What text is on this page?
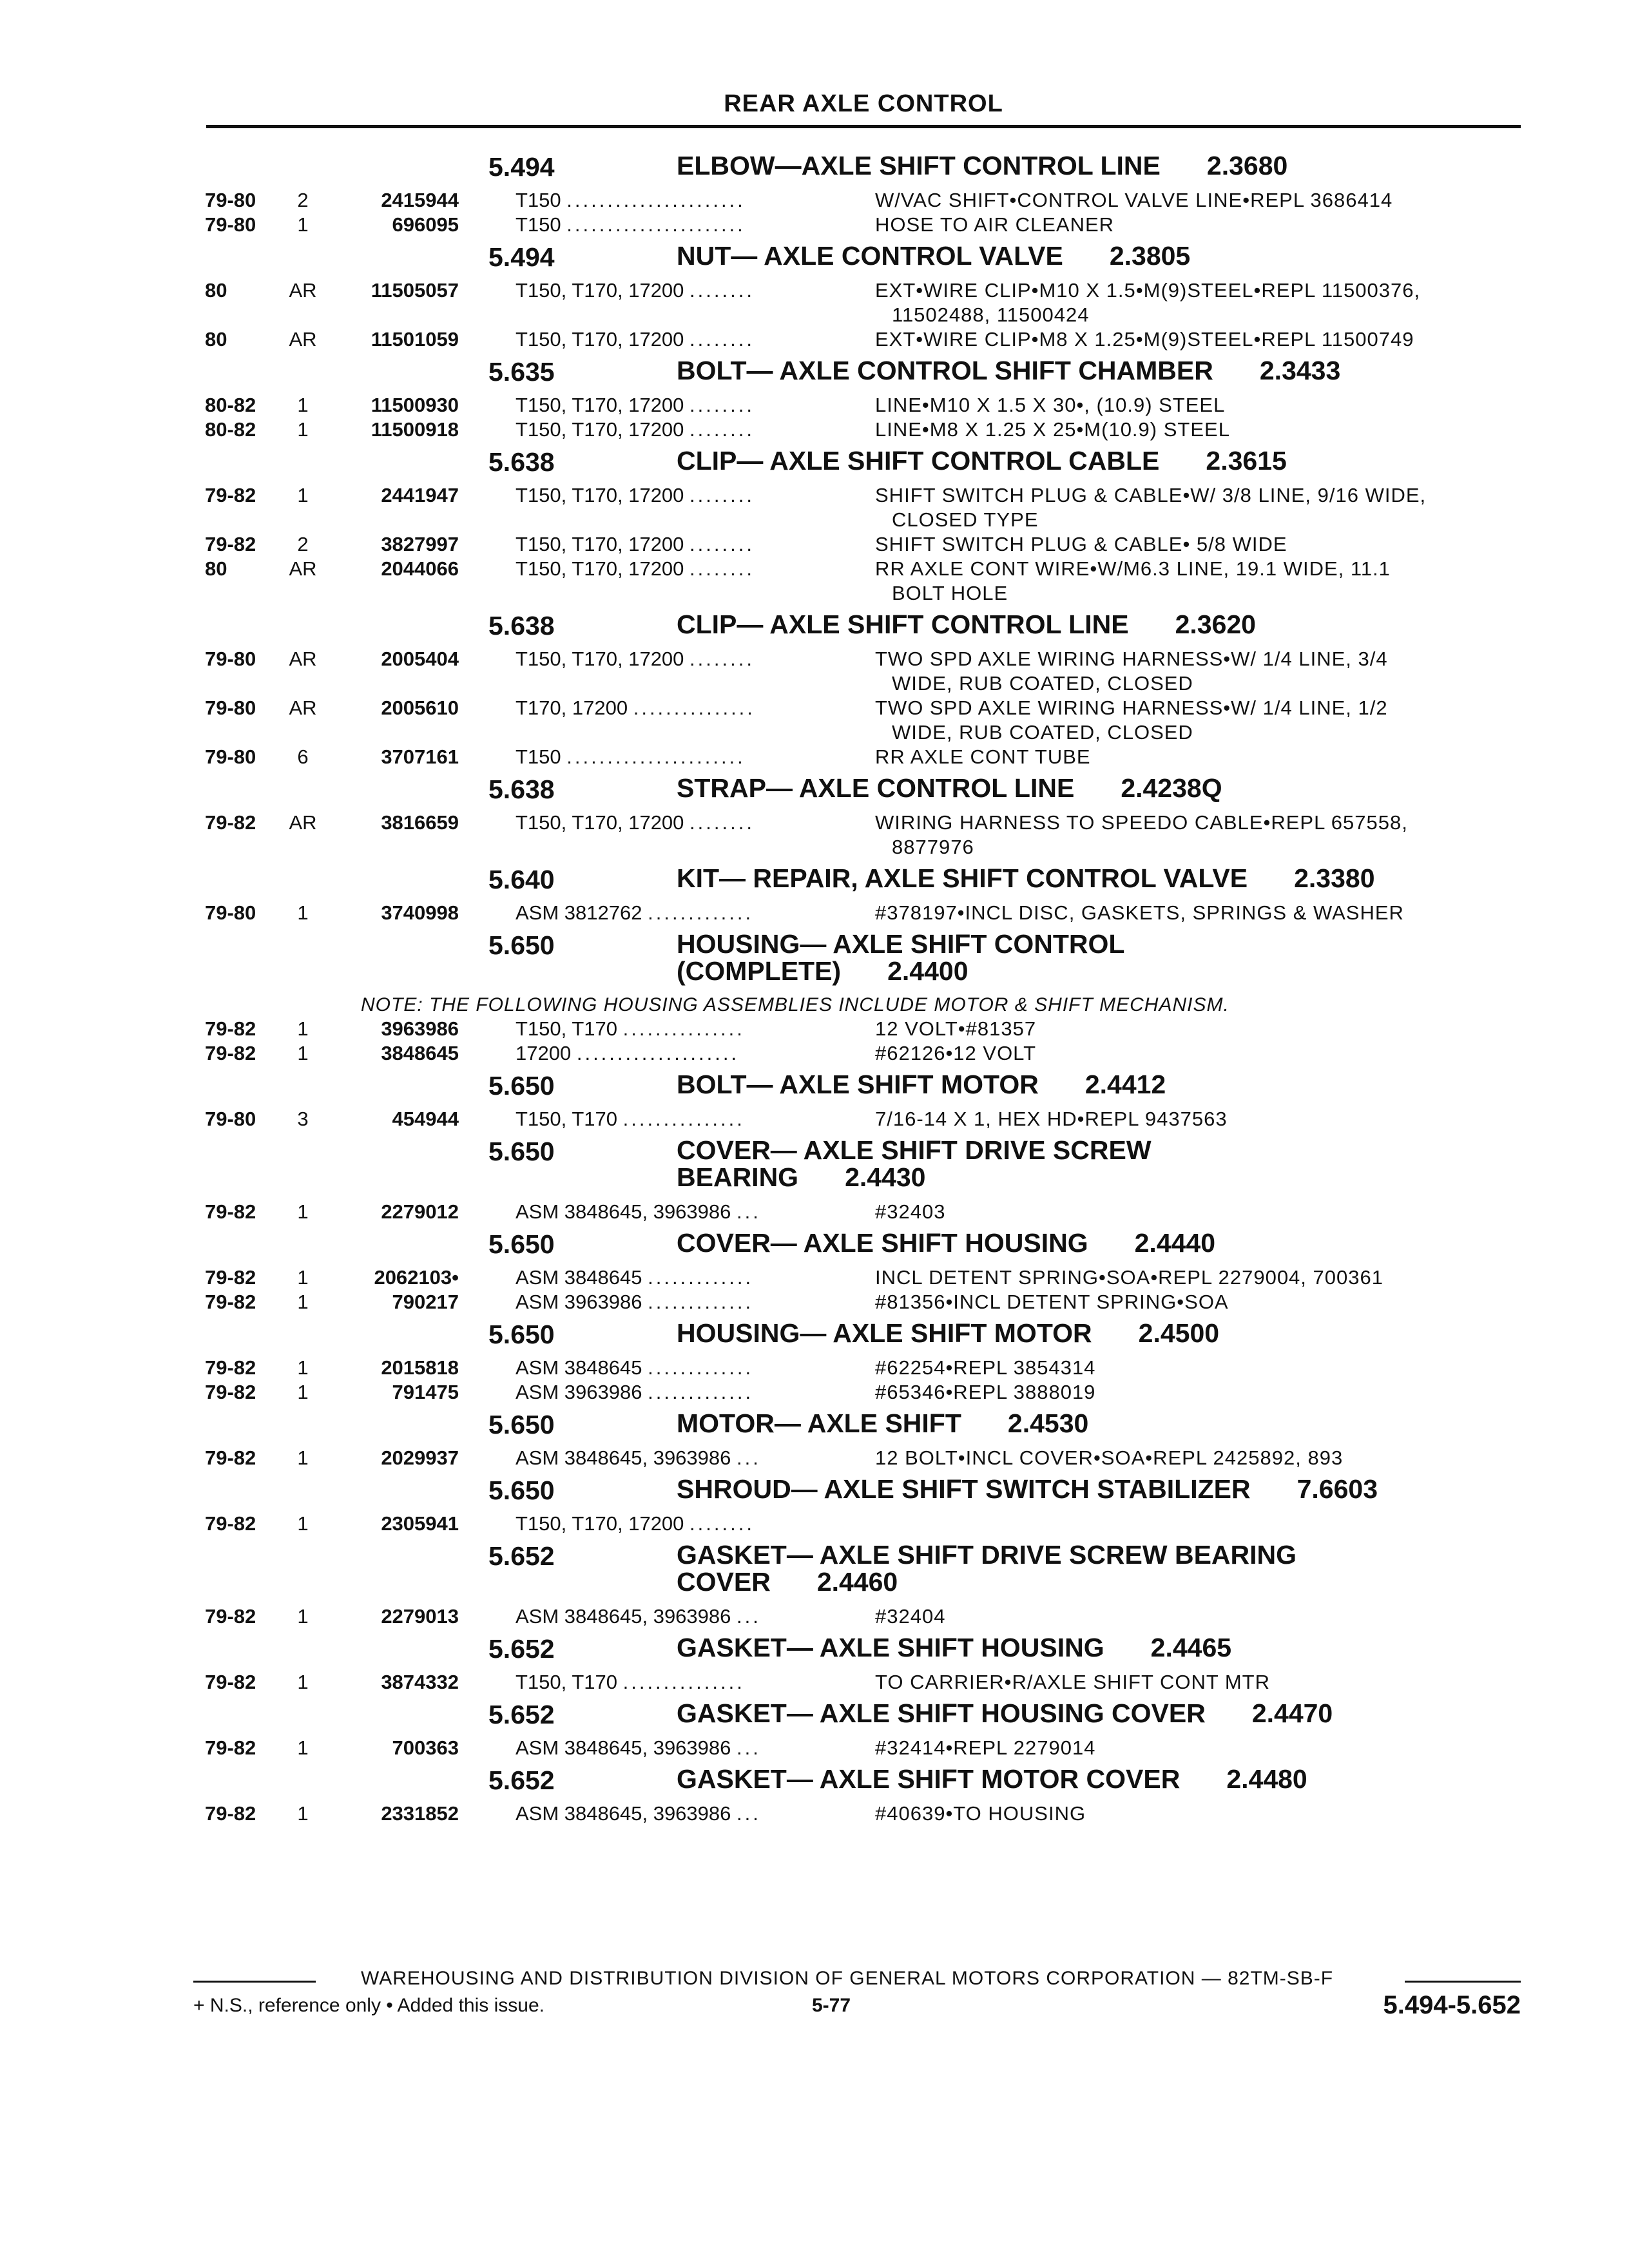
REAR AXLE CONTROL
5.494	ELBOW—AXLE SHIFT CONTROL LINE 2.3680
79-80	2	2415944	T150 ......................	W/VAC SHIFT•CONTROL VALVE LINE•REPL 3686414
79-80	1	696095	T150 ......................	HOSE TO AIR CLEANER
5.494	NUT— AXLE CONTROL VALVE 2.3805
80	AR	11505057	T150, T170, 17200 ........	EXT•WIRE CLIP•M10 X 1.5•M(9)STEEL•REPL 11500376,
11502488, 11500424
80	AR	11501059	T150, T170, 17200 ........	EXT•WIRE CLIP•M8 X 1.25•M(9)STEEL•REPL 11500749
5.635	BOLT— AXLE CONTROL SHIFT CHAMBER 2.3433
80-82	1	11500930	T150, T170, 17200 ........	LINE•M10 X 1.5 X 30•, (10.9) STEEL
80-82	1	11500918	T150, T170, 17200 ........	LINE•M8 X 1.25 X 25•M(10.9) STEEL
5.638	CLIP— AXLE SHIFT CONTROL CABLE 2.3615
79-82	1	2441947	T150, T170, 17200 ........	SHIFT SWITCH PLUG & CABLE•W/ 3/8 LINE, 9/16 WIDE,
CLOSED TYPE
79-82	2	3827997	T150, T170, 17200 ........	SHIFT SWITCH PLUG & CABLE• 5/8 WIDE
80	AR	2044066	T150, T170, 17200 ........	RR AXLE CONT WIRE•W/M6.3 LINE, 19.1 WIDE, 11.1
BOLT HOLE
5.638	CLIP— AXLE SHIFT CONTROL LINE 2.3620
79-80	AR	2005404	T150, T170, 17200 ........	TWO SPD AXLE WIRING HARNESS•W/ 1/4 LINE, 3/4
WIDE, RUB COATED, CLOSED
79-80	AR	2005610	T170, 17200 ...............	TWO SPD AXLE WIRING HARNESS•W/ 1/4 LINE, 1/2
WIDE, RUB COATED, CLOSED
79-80	6	3707161	T150 ......................	RR AXLE CONT TUBE
5.638	STRAP— AXLE CONTROL LINE 2.4238Q
79-82	AR	3816659	T150, T170, 17200 ........	WIRING HARNESS TO SPEEDO CABLE•REPL 657558,
8877976
5.640	KIT— REPAIR, AXLE SHIFT CONTROL VALVE 2.3380
79-80	1	3740998	ASM 3812762 .............	#378197•INCL DISC, GASKETS, SPRINGS & WASHER
5.650	HOUSING— AXLE SHIFT CONTROL
(COMPLETE) 2.4400
NOTE: THE FOLLOWING HOUSING ASSEMBLIES INCLUDE MOTOR & SHIFT MECHANISM.
79-82	1	3963986	T150, T170 ...............	12 VOLT•#81357
79-82	1	3848645	17200 ....................	#62126•12 VOLT
5.650	BOLT— AXLE SHIFT MOTOR 2.4412
79-80	3	454944	T150, T170 ...............	7/16-14 X 1, HEX HD•REPL 9437563
5.650	COVER— AXLE SHIFT DRIVE SCREW
BEARING 2.4430
79-82	1	2279012	ASM 3848645, 3963986 ...	#32403
5.650	COVER— AXLE SHIFT HOUSING 2.4440
79-82	1	2062103•	ASM 3848645 .............	INCL DETENT SPRING•SOA•REPL 2279004, 700361
79-82	1	790217	ASM 3963986 .............	#81356•INCL DETENT SPRING•SOA
5.650	HOUSING— AXLE SHIFT MOTOR 2.4500
79-82	1	2015818	ASM 3848645 .............	#62254•REPL 3854314
79-82	1	791475	ASM 3963986 .............	#65346•REPL 3888019
5.650	MOTOR— AXLE SHIFT 2.4530
79-82	1	2029937	ASM 3848645, 3963986 ...	12 BOLT•INCL COVER•SOA•REPL 2425892, 893
5.650	SHROUD— AXLE SHIFT SWITCH STABILIZER 7.6603
79-82	1	2305941	T150, T170, 17200 ........
5.652	GASKET— AXLE SHIFT DRIVE SCREW BEARING
COVER 2.4460
79-82	1	2279013	ASM 3848645, 3963986 ...	#32404
5.652	GASKET— AXLE SHIFT HOUSING 2.4465
79-82	1	3874332	T150, T170 ...............	TO CARRIER•R/AXLE SHIFT CONT MTR
5.652	GASKET— AXLE SHIFT HOUSING COVER 2.4470
79-82	1	700363	ASM 3848645, 3963986 ...	#32414•REPL 2279014
5.652	GASKET— AXLE SHIFT MOTOR COVER 2.4480
79-82	1	2331852	ASM 3848645, 3963986 ...	#40639•TO HOUSING
WAREHOUSING AND DISTRIBUTION DIVISION OF GENERAL MOTORS CORPORATION — 82TM-SB-F
+ N.S., reference only • Added this issue.	5-77	5.494-5.652
